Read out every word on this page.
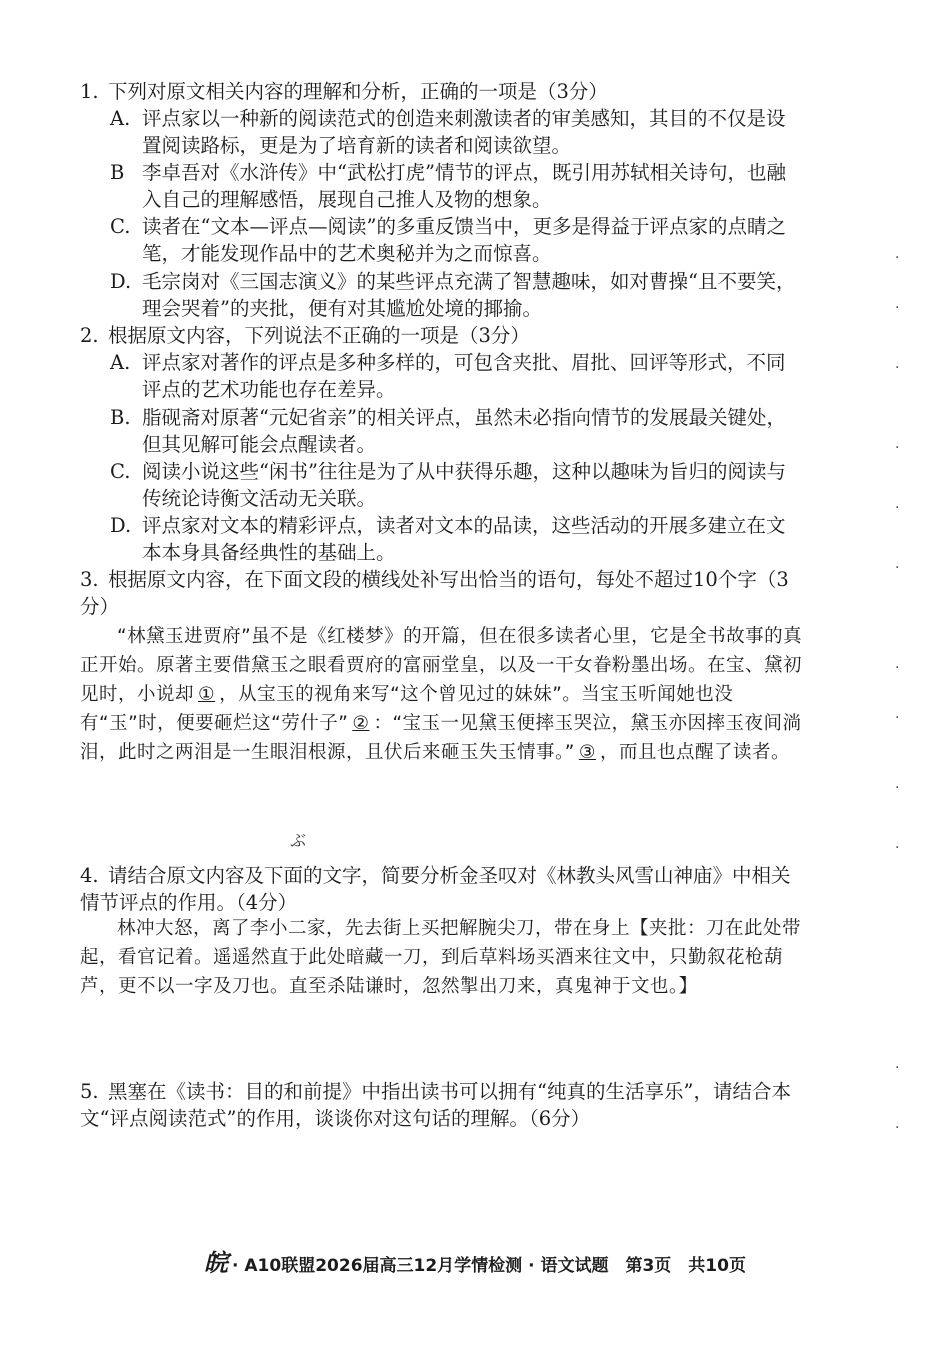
1. 下列对原文相关内容的理解和分析，正确的一项是（3分）
A. 评点家以一种新的阅读范式的创造来刺激读者的审美感知，其目的不仅是设置阅读路标，更是为了培育新的读者和阅读欲望。
B 李卓吾对《水浒传》中“武松打虎”情节的评点，既引用苏轼相关诗句，也融入自己的理解感悟，展现自己推人及物的想象。
C. 读者在“文本—评点—阅读”的多重反馈当中，更多是得益于评点家的点睛之笔，才能发现作品中的艺术奥秘并为之而惊喜。
D. 毛宗岗对《三国志演义》的某些评点充满了智慧趣味，如对曹操“且不要笑，理会哭着”的夹批，便有对其尴尬处境的揶揄。
2. 根据原文内容，下列说法不正确的一项是（3分）
A. 评点家对著作的评点是多种多样的，可包含夹批、眉批、回评等形式，不同评点的艺术功能也存在差异。
B. 脂砚斋对原著“元妃省亲”的相关评点，虽然未必指向情节的发展最关键处，但其见解可能会点醒读者。
C. 阅读小说这些“闲书”往往是为了从中获得乐趣，这种以趣味为旨归的阅读与传统论诗衡文活动无关联。
D. 评点家对文本的精彩评点，读者对文本的品读，这些活动的开展多建立在文本本身具备经典性的基础上。
3. 根据原文内容，在下面文段的横线处补写出恰当的语句，每处不超过10个字（3分）

“林黛玉进贾府”虽不是《红楼梦》的开篇，但在很多读者心里，它是全书故事的真正开始。原著主要借黛玉之眼看贾府的富丽堂皇，以及一干女眷粉墨出场。在宝、黛初见时，小说却 ① ，从宝玉的视角来写“这个曾见过的妹妹”。当宝玉听闻她也没有“玉”时，便要砸烂这“劳什子” ② ：“宝玉一见黛玉便摔玉哭泣，黛玉亦因摔玉夜间淌泪，此时之两泪是一生眼泪根源，且伏后来砸玉失玉情事。” ③ ，而且也点醒了读者。

ぶ
4. 请结合原文内容及下面的文字，简要分析金圣叹对《林教头风雪山神庙》中相关情节评点的作用。（4分）

林冲大怒，离了李小二家，先去街上买把解腕尖刀，带在身上【夹批：刀在此处带起，看官记着。遥遥然直于此处暗藏一刀，到后草料场买酒来往文中，只勤叙花枪葫芦，更不以一字及刀也。直至杀陆谦时，忽然掣出刀来，真鬼神于文也。】

5. 黑塞在《读书：目的和前提》中指出读书可以拥有“纯真的生活享乐”，请结合本文“评点阅读范式”的作用，谈谈你对这句话的理解。（6分）
·
·
·
·
·
·
·
·
·
·
·
·
皖 · A10联盟2026届高三12月学情检测 · 语文试题　第3页　共10页
